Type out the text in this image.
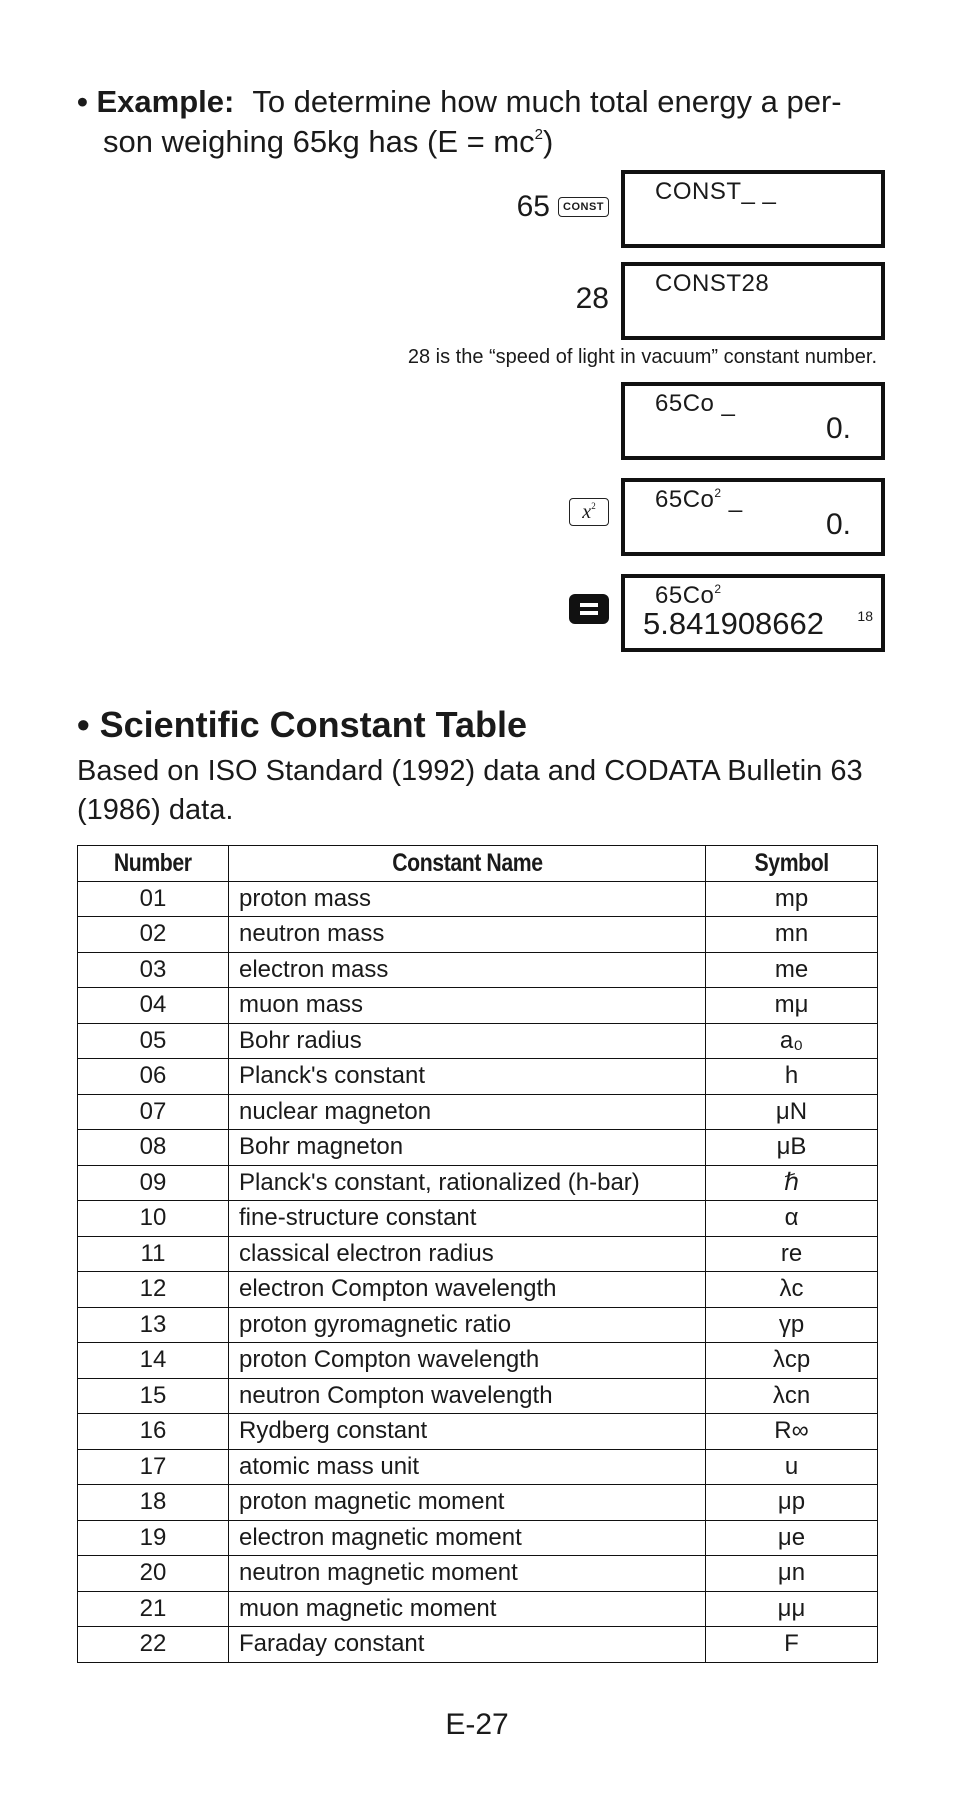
• Example: To determine how much total energy a per-
son weighing 65kg has $(E = mc^2)$
65	CONST
CONST_ _
28 CONST28
28 is the “speed of light in vacuum” constant number.
65Co _
0.
$x^2$	65Co$^2$ _
0.
65Co$^2$
5.841908662 18
• Scientific Constant Table
Based on ISO Standard (1992) data and CODATA Bulletin 63 (1986) data.
Number	Constant Name	Symbol
01	proton mass	mp
02	neutron mass	mn
03	electron mass	me
04	muon mass	mμ
05	Bohr radius	a₀
06	Planck's constant	h
07	nuclear magneton	μN
08	Bohr magneton	μB
09	Planck's constant, rationalized (h-bar)	ℏ
10	fine-structure constant	α
11	classical electron radius	re
12	electron Compton wavelength	λc
13	proton gyromagnetic ratio	γp
14	proton Compton wavelength	λcp
15	neutron Compton wavelength	λcn
16	Rydberg constant	R∞
17	atomic mass unit	u
18	proton magnetic moment	μp
19	electron magnetic moment	μe
20	neutron magnetic moment	μn
21	muon magnetic moment	μμ
22	Faraday constant	F
E-27
